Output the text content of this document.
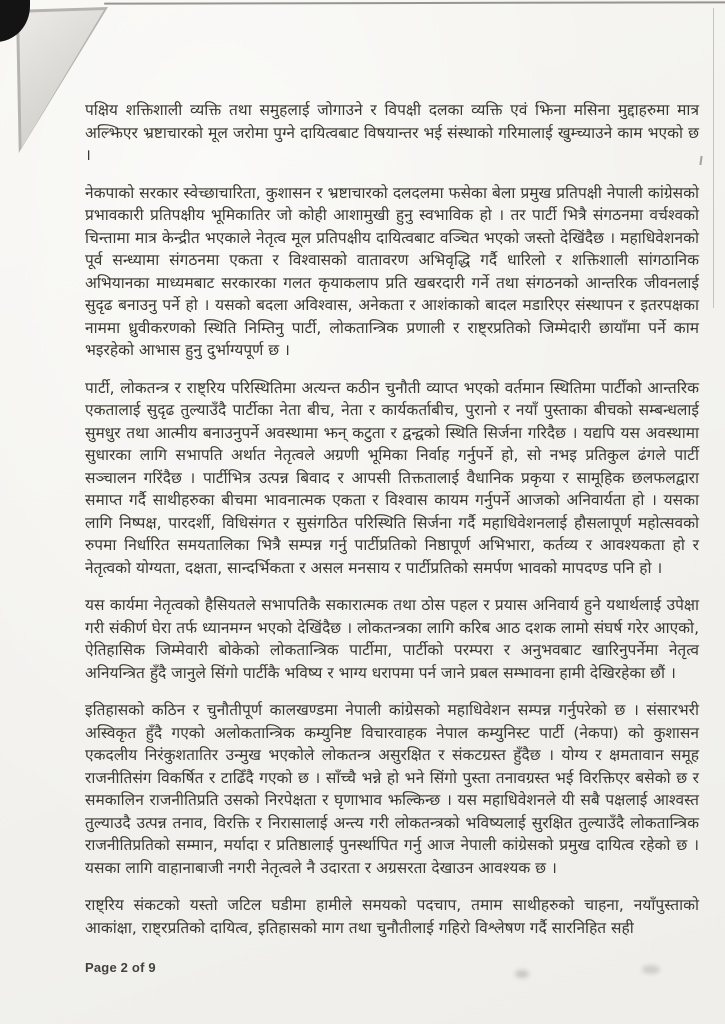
पक्षिय शक्तिशाली व्यक्ति तथा समुहलाई जोगाउने र विपक्षी दलका व्यक्ति एवं झिना मसिना मुद्दाहरुमा मात्र अल्झिएर भ्रष्टाचारको मूल जरोमा पुग्ने दायित्वबाट विषयान्तर भई संस्थाको गरिमालाई खुम्च्याउने काम भएको छ ।

नेकपाको सरकार स्वेच्छाचारिता, कुशासन र भ्रष्टाचारको दलदलमा फसेका बेला प्रमुख प्रतिपक्षी नेपाली कांग्रेसको प्रभावकारी प्रतिपक्षीय भूमिकातिर जो कोही आशामुखी हुनु स्वभाविक हो । तर पार्टी भित्रै संगठनमा वर्चश्वको चिन्तामा मात्र केन्द्रीत भएकाले नेतृत्व मूल प्रतिपक्षीय दायित्वबाट वञ्चित भएको जस्तो देखिंदैछ । महाधिवेशनको पूर्व सन्ध्यामा संगठनमा एकता र विश्वासको वातावरण अभिवृद्धि गर्दै धारिलो र शक्तिशाली सांगठानिक अभियानका माध्यमबाट सरकारका गलत कृयाकलाप प्रति खबरदारी गर्ने तथा संगठनको आन्तरिक जीवनलाई सुदृढ बनाउनु पर्ने हो । यसको बदला अविश्वास, अनेकता र आशंकाको बादल मडारिएर संस्थापन र इतरपक्षका नाममा ध्रुवीकरणको स्थिति निम्तिनु पार्टी, लोकतान्त्रिक प्रणाली र राष्ट्रप्रतिको जिम्मेदारी छायाँमा पर्ने काम भइरहेको आभास हुनु दुर्भाग्यपूर्ण छ ।

पार्टी, लोकतन्त्र र राष्ट्रिय परिस्थितिमा अत्यन्त कठीन चुनौती व्याप्त भएको वर्तमान स्थितिमा पार्टीको आन्तरिक एकतालाई सुदृढ तुल्याउँदै पार्टीका नेता बीच, नेता र कार्यकर्ताबीच, पुरानो र नयाँ पुस्ताका बीचको सम्बन्धलाई सुमधुर तथा आत्मीय बनाउनुपर्ने अवस्थामा झन् कटुता र द्वन्द्वको स्थिति सिर्जना गरिदैछ । यद्यपि यस अवस्थामा सुधारका लागि सभापति अर्थात नेतृत्वले अग्रणी भूमिका निर्वाह गर्नुपर्ने हो, सो नभइ प्रतिकुल ढंगले पार्टी सञ्चालन गरिंदैछ । पार्टीभित्र उत्पन्न बिवाद र आपसी तिक्ततालाई वैधानिक प्रकृया र सामूहिक छलफलद्वारा समाप्त गर्दै साथीहरुका बीचमा भावनात्मक एकता र विश्वास कायम गर्नुपर्ने आजको अनिवार्यता हो । यसका लागि निष्पक्ष, पारदर्शी, विधिसंगत र सुसंगठित परिस्थिति सिर्जना गर्दै महाधिवेशनलाई हौसलापूर्ण महोत्सवको रुपमा निर्धारित समयतालिका भित्रै सम्पन्न गर्नु पार्टीप्रतिको निष्ठापूर्ण अभिभारा, कर्तव्य र आवश्यकता हो र नेतृत्वको योग्यता, दक्षता, सान्दर्भिकता र असल मनसाय र पार्टीप्रतिको समर्पण भावको मापदण्ड पनि हो ।

यस कार्यमा नेतृत्वको हैसियतले सभापतिकै सकारात्मक तथा ठोस पहल र प्रयास अनिवार्य हुने यथार्थलाई उपेक्षा गरी संकीर्ण घेरा तर्फ ध्यानमग्न भएको देखिंदैछ । लोकतन्त्रका लागि करिब आठ दशक लामो संघर्ष गरेर आएको, ऐतिहासिक जिम्मेवारी बोकेको लोकतान्त्रिक पार्टीमा, पार्टीको परम्परा र अनुभवबाट खारिनुपर्नेमा नेतृत्व अनियन्त्रित हुँदै जानुले सिंगो पार्टीकै भविष्य र भाग्य धरापमा पर्न जाने प्रबल सम्भावना हामी देखिरहेका छौं ।

इतिहासको कठिन र चुनौतीपूर्ण कालखण्डमा नेपाली कांग्रेसको महाधिवेशन सम्पन्न गर्नुपरेको छ । संसारभरी अस्विकृत हुँदै गएको अलोकतान्त्रिक कम्युनिष्ट विचारवाहक नेपाल कम्युनिस्ट पार्टी (नेकपा) को कुशासन एकदलीय निरंकुशतातिर उन्मुख भएकोले लोकतन्त्र असुरक्षित र संकटग्रस्त हुँदैछ । योग्य र क्षमतावान समूह राजनीतिसंग विकर्षित र टाढिँदै गएको छ । साँच्चै भन्ने हो भने सिंगो पुस्ता तनावग्रस्त भई विरक्तिएर बसेको छ र समकालिन राजनीतिप्रति उसको निरपेक्षता र घृणाभाव झल्किन्छ । यस महाधिवेशनले यी सबै पक्षलाई आश्वस्त तुल्याउदै उत्पन्न तनाव, विरक्ति र निरासालाई अन्त्य गरी लोकतन्त्रको भविष्यलाई सुरक्षित तुल्याउँदै लोकतान्त्रिक राजनीतिप्रतिको सम्मान, मर्यादा र प्रतिष्ठालाई पुनर्स्थापित गर्नु आज नेपाली कांग्रेसको प्रमुख दायित्व रहेको छ । यसका लागि वाहानाबाजी नगरी नेतृत्वले नै उदारता र अग्रसरता देखाउन आवश्यक छ ।

राष्ट्रिय संकटको यस्तो जटिल घडीमा हामीले समयको पदचाप, तमाम साथीहरुको चाहना, नयाँपुस्ताको आकांक्षा, राष्ट्रप्रतिको दायित्व, इतिहासको माग तथा चुनौतीलाई गहिरो विश्लेषण गर्दै सारनिहित सही

Page 2 of 9
